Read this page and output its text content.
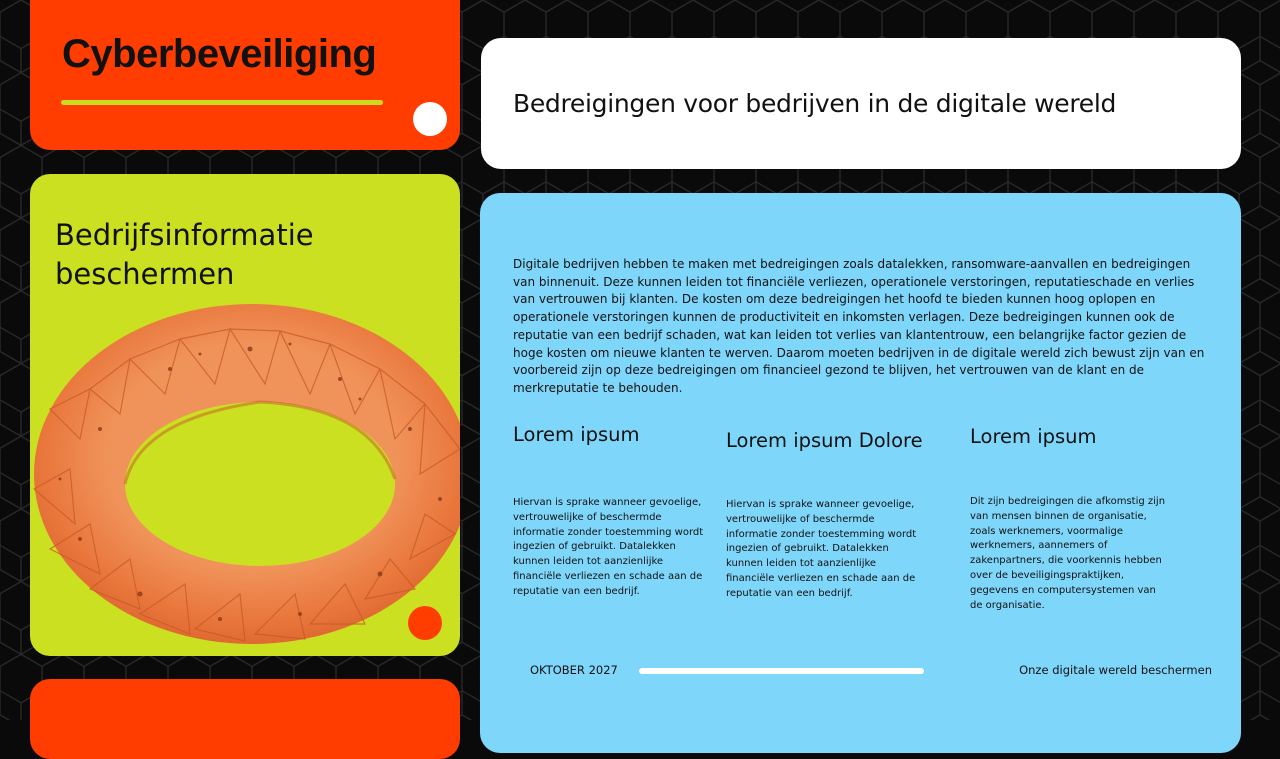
Cyberbeveiliging
Bedrijfsinformatie beschermen
Bedreigingen voor bedrijven in de digitale wereld

Digitale bedrijven hebben te maken met bedreigingen zoals datalekken, ransomware-aanvallen en bedreigingen van binnenuit. Deze kunnen leiden tot financiële verliezen, operationele verstoringen, reputatieschade en verlies van vertrouwen bij klanten. De kosten om deze bedreigingen het hoofd te bieden kunnen hoog oplopen en operationele verstoringen kunnen de productiviteit en inkomsten verlagen. Deze bedreigingen kunnen ook de reputatie van een bedrijf schaden, wat kan leiden tot verlies van klantentrouw, een belangrijke factor gezien de hoge kosten om nieuwe klanten te werven. Daarom moeten bedrijven in de digitale wereld zich bewust zijn van en voorbereid zijn op deze bedreigingen om financieel gezond te blijven, het vertrouwen van de klant en de merkreputatie te behouden.

Lorem ipsum

Hiervan is sprake wanneer gevoelige, vertrouwelijke of beschermde informatie zonder toestemming wordt ingezien of gebruikt. Datalekken kunnen leiden tot aanzienlijke financiële verliezen en schade aan de reputatie van een bedrijf.

Lorem ipsum Dolore

Hiervan is sprake wanneer gevoelige, vertrouwelijke of beschermde informatie zonder toestemming wordt ingezien of gebruikt. Datalekken kunnen leiden tot aanzienlijke financiële verliezen en schade aan de reputatie van een bedrijf.

Lorem ipsum

Dit zijn bedreigingen die afkomstig zijn van mensen binnen de organisatie, zoals werknemers, voormalige werknemers, aannemers of zakenpartners, die voorkennis hebben over de beveiligingspraktijken, gegevens en computersystemen van de organisatie.

OKTOBER 2027	Onze digitale wereld beschermen
